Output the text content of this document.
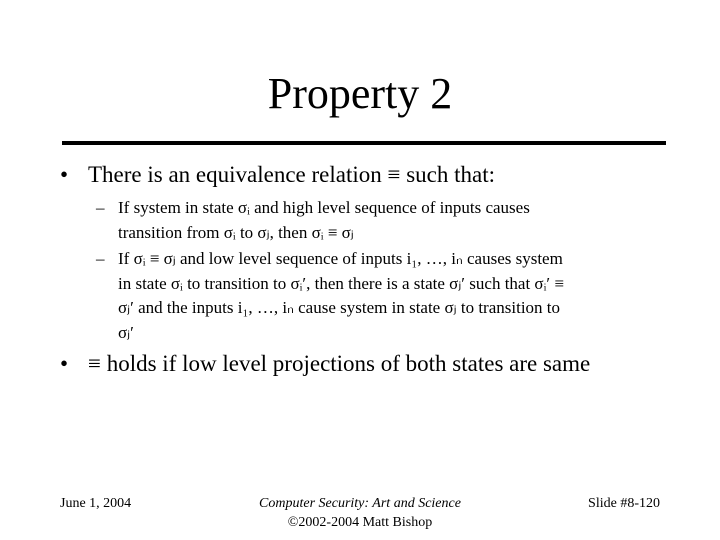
Property 2
• There is an equivalence relation ≡ such that:
– If system in state σᵢ and high level sequence of inputs causes
transition from σᵢ to σⱼ, then σᵢ ≡ σⱼ
– If σᵢ ≡ σⱼ and low level sequence of inputs i₁, …, iₙ causes system
in state σᵢ to transition to σᵢ′, then there is a state σⱼ′ such that σᵢ′ ≡
σⱼ′ and the inputs i₁, …, iₙ cause system in state σⱼ to transition to
σⱼ′
• ≡ holds if low level projections of both states are same
June 1, 2004	Computer Security: Art and Science
©2002-2004 Matt Bishop
Slide #8-120
